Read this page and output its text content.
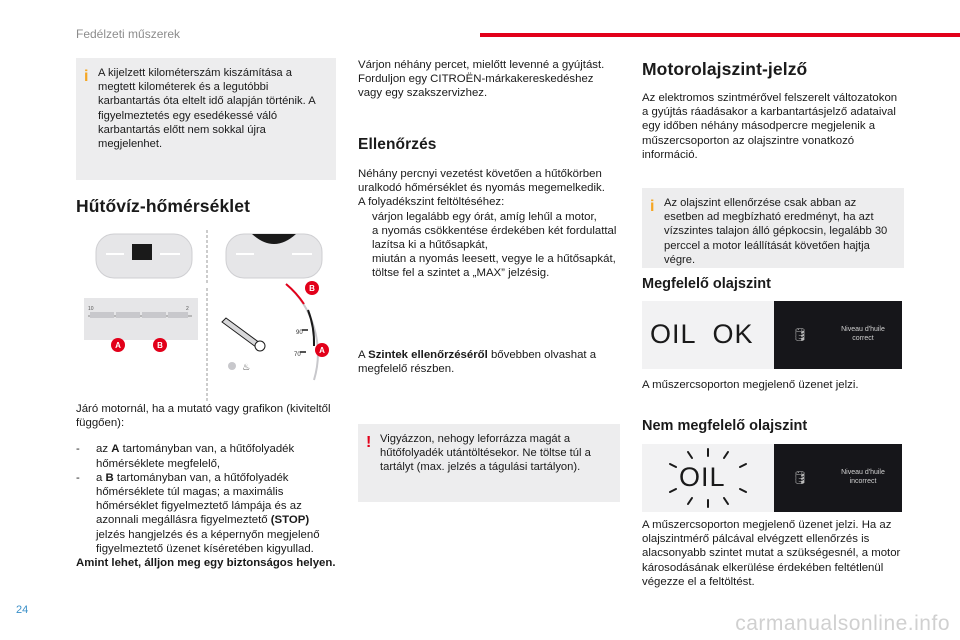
Fedélzeti műszerek
i A kijelzett kilométerszám kiszámítása a megtett kilométerek és a legutóbbi karbantartás óta eltelt idő alapján történik. A figyelmeztetés egy esedékessé váló karbantartás előtt nem sokkal újra megjelenhet.
Hűtővíz-hőmérséklet
10	2
A	B
90
70
♨
B
A

Járó motornál, ha a mutató vagy grafikon (kiviteltől függően):

-	az A tartományban van, a hűtőfolyadék hőmérséklete megfelelő,
-	a B tartományban van, a hűtőfolyadék hőmérséklete túl magas; a maximális hőmérséklet figyelmeztető lámpája és az azonnali megállásra figyelmeztető (STOP) jelzés hangjelzés és a képernyőn megjelenő figyelmeztető üzenet kíséretében kigyullad.

Amint lehet, álljon meg egy biztonságos helyen.

Várjon néhány percet, mielőtt levenné a gyújtást.

Forduljon egy CITROËN-márkakereskedéshez vagy egy szakszervizhez.

Ellenőrzés

Néhány percnyi vezetést követően a hűtőkörben uralkodó hőmérséklet és nyomás megemelkedik.

A folyadékszint feltöltéséhez:

várjon legalább egy órát, amíg lehűl a motor,
a nyomás csökkentése érdekében két fordulattal lazítsa ki a hűtősapkát,
miután a nyomás leesett, vegye le a hűtősapkát,
töltse fel a szintet a „MAX” jelzésig.
A Szintek ellenőrzéséről bővebben olvashat a megfelelő részben.
! Vigyázzon, nehogy leforrázza magát a hűtőfolyadék utántöltésekor. Ne töltse túl a tartályt (max. jelzés a tágulási tartályon).
Motorolajszint-jelző
Az elektromos szintmérővel felszerelt változatokon a gyújtás ráadásakor a karbantartásjelző adataival egy időben néhány másodpercre megjelenik a műszercsoporton az olajszintre vonatkozó információ.
i Az olajszint ellenőrzése csak abban az esetben ad megbízható eredményt, ha azt vízszintes talajon álló gépkocsin, legalább 30 perccel a motor leállítását követően hajtja végre.
Megfelelő olajszint
OIL  OK	🛢	Niveau d'huile correct
A műszercsoporton megjelenő üzenet jelzi.
Nem megfelelő olajszint
OIL	🛢	Niveau d'huile incorrect
A műszercsoporton megjelenő üzenet jelzi. Ha az olajszintmérő pálcával elvégzett ellenőrzés is alacsonyabb szintet mutat a szükségesnél, a motor károsodásának elkerülése érdekében feltétlenül végezze el a feltöltést.
24
carmanualsonline.info
